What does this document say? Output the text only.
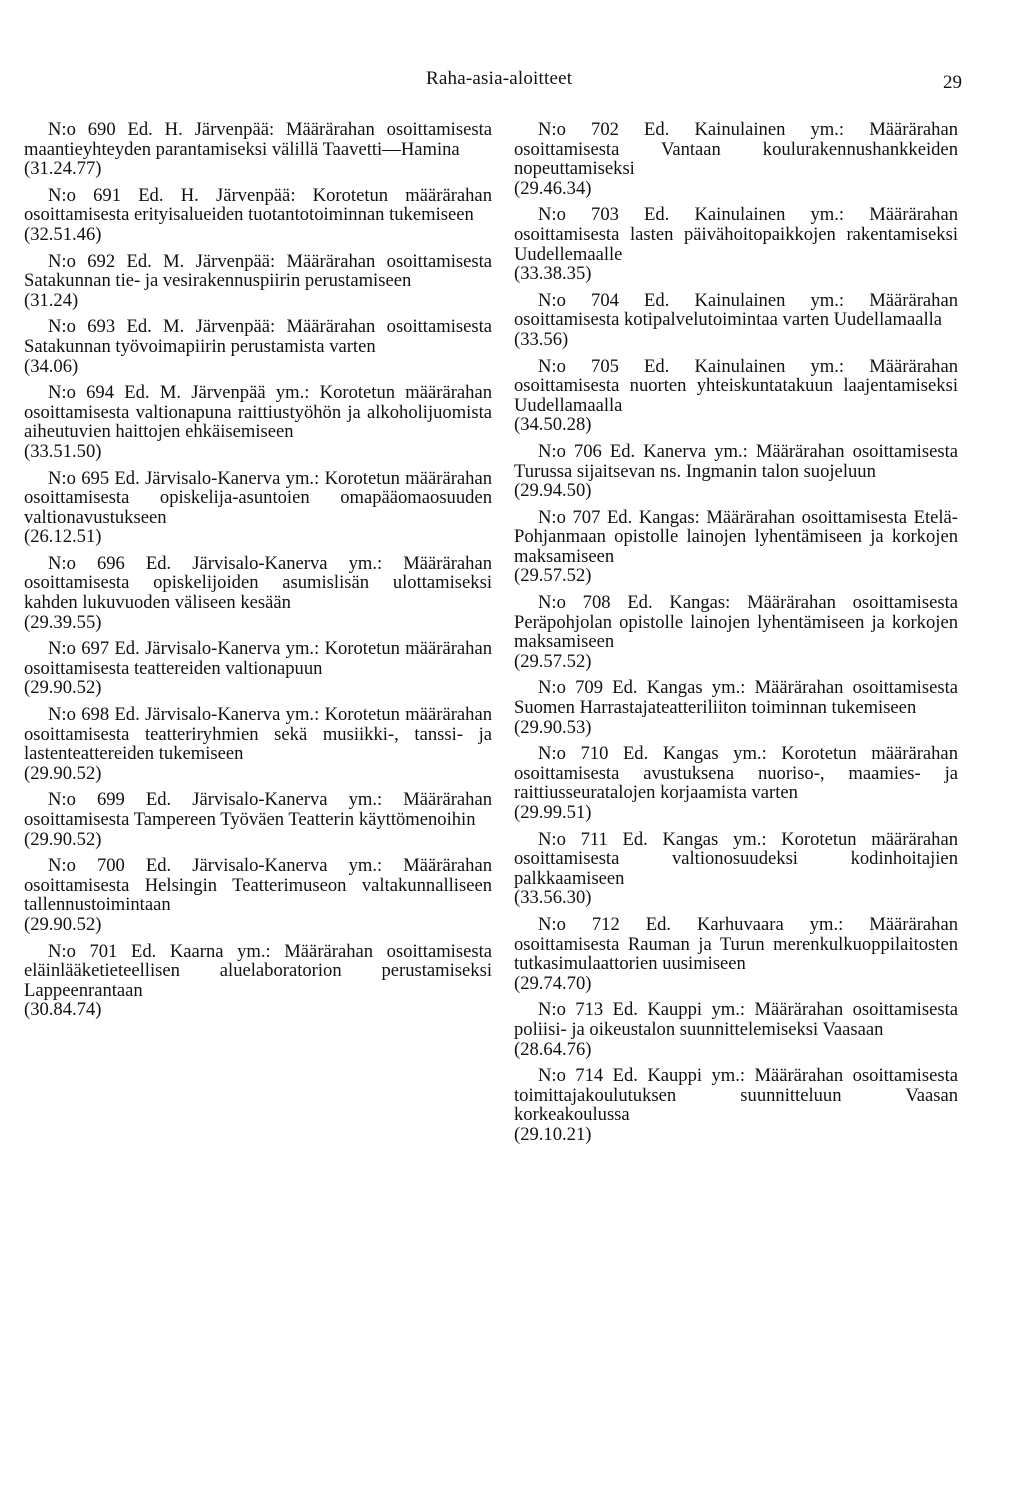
Raha-asia-aloitteet	29

N:o 690 Ed. H. Järvenpää: Määrärahan osoittamisesta maantieyhteyden parantamiseksi välillä Taavetti—Hamina

(31.24.77)

N:o 691 Ed. H. Järvenpää: Korotetun määrärahan osoittamisesta erityisalueiden tuotantotoiminnan tukemiseen

(32.51.46)

N:o 692 Ed. M. Järvenpää: Määrärahan osoittamisesta Satakunnan tie- ja vesirakennuspiirin perustamiseen

(31.24)

N:o 693 Ed. M. Järvenpää: Määrärahan osoittamisesta Satakunnan työvoimapiirin perustamista varten

(34.06)

N:o 694 Ed. M. Järvenpää ym.: Korotetun määrärahan osoittamisesta valtionapuna raittiustyöhön ja alkoholijuomista aiheutuvien haittojen ehkäisemiseen

(33.51.50)

N:o 695 Ed. Järvisalo-Kanerva ym.: Korotetun määrärahan osoittamisesta opiskelija-asuntoien omapääomaosuuden valtionavustukseen

(26.12.51)

N:o 696 Ed. Järvisalo-Kanerva ym.: Määrärahan osoittamisesta opiskelijoiden asumislisän ulottamiseksi kahden lukuvuoden väliseen kesään

(29.39.55)

N:o 697 Ed. Järvisalo-Kanerva ym.: Korotetun määrärahan osoittamisesta teattereiden valtionapuun

(29.90.52)

N:o 698 Ed. Järvisalo-Kanerva ym.: Korotetun määrärahan osoittamisesta teatteriryhmien sekä musiikki-, tanssi- ja lastenteattereiden tukemiseen

(29.90.52)

N:o 699 Ed. Järvisalo-Kanerva ym.: Määrärahan osoittamisesta Tampereen Työväen Teatterin käyttömenoihin

(29.90.52)

N:o 700 Ed. Järvisalo-Kanerva ym.: Määrärahan osoittamisesta Helsingin Teatterimuseon valtakunnalliseen tallennustoimintaan

(29.90.52)

N:o 701 Ed. Kaarna ym.: Määrärahan osoittamisesta eläinlääketieteellisen aluelaboratorion perustamiseksi Lappeenrantaan

(30.84.74)

N:o 702 Ed. Kainulainen ym.: Määrärahan osoittamisesta Vantaan koulurakennushankkeiden nopeuttamiseksi

(29.46.34)

N:o 703 Ed. Kainulainen ym.: Määrärahan osoittamisesta lasten päivähoitopaikkojen rakentamiseksi Uudellemaalle

(33.38.35)

N:o 704 Ed. Kainulainen ym.: Määrärahan osoittamisesta kotipalvelutoimintaa varten Uudellamaalla

(33.56)

N:o 705 Ed. Kainulainen ym.: Määrärahan osoittamisesta nuorten yhteiskuntatakuun laajentamiseksi Uudellamaalla

(34.50.28)

N:o 706 Ed. Kanerva ym.: Määrärahan osoittamisesta Turussa sijaitsevan ns. Ingmanin talon suojeluun

(29.94.50)

N:o 707 Ed. Kangas: Määrärahan osoittamisesta Etelä-Pohjanmaan opistolle lainojen lyhentämiseen ja korkojen maksamiseen

(29.57.52)

N:o 708 Ed. Kangas: Määrärahan osoittamisesta Peräpohjolan opistolle lainojen lyhentämiseen ja korkojen maksamiseen

(29.57.52)

N:o 709 Ed. Kangas ym.: Määrärahan osoittamisesta Suomen Harrastajateatteriliiton toiminnan tukemiseen

(29.90.53)

N:o 710 Ed. Kangas ym.: Korotetun määrärahan osoittamisesta avustuksena nuoriso-, maamies- ja raittiusseuratalojen korjaamista varten

(29.99.51)

N:o 711 Ed. Kangas ym.: Korotetun määrärahan osoittamisesta valtionosuudeksi kodinhoitajien palkkaamiseen

(33.56.30)

N:o 712 Ed. Karhuvaara ym.: Määrärahan osoittamisesta Rauman ja Turun merenkulkuoppilaitosten tutkasimulaattorien uusimiseen

(29.74.70)

N:o 713 Ed. Kauppi ym.: Määrärahan osoittamisesta poliisi- ja oikeustalon suunnittelemiseksi Vaasaan

(28.64.76)

N:o 714 Ed. Kauppi ym.: Määrärahan osoittamisesta toimittajakoulutuksen suunnitteluun Vaasan korkeakoulussa

(29.10.21)
